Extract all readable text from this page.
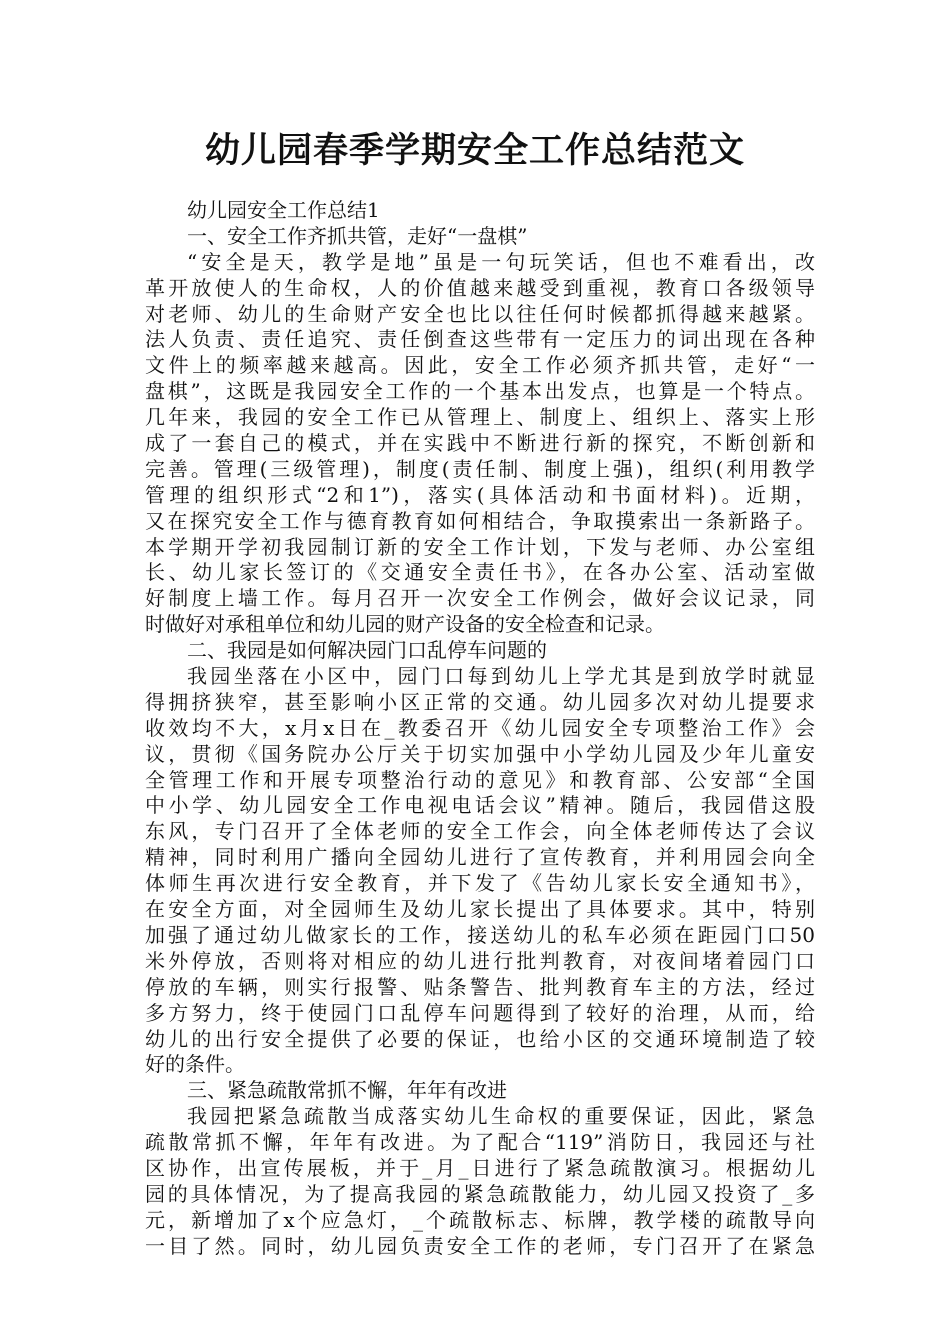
幼儿园春季学期安全工作总结范文
幼儿园安全工作总结1
一、安全工作齐抓共管，走好“一盘棋”
“安全是天，教学是地”虽是一句玩笑话，但也不难看出，改
革开放使人的生命权，人的价值越来越受到重视，教育口各级领导
对老师、幼儿的生命财产安全也比以往任何时候都抓得越来越紧。
法人负责、责任追究、责任倒查这些带有一定压力的词出现在各种
文件上的频率越来越高。因此，安全工作必须齐抓共管，走好“一
盘棋”，这既是我园安全工作的一个基本出发点，也算是一个特点。
几年来，我园的安全工作已从管理上、制度上、组织上、落实上形
成了一套自己的模式，并在实践中不断进行新的探究，不断创新和
完善。管理(三级管理)，制度(责任制、制度上强)，组织(利用教学
管理的组织形式“2和1”)，落实(具体活动和书面材料)。近期，
又在探究安全工作与德育教育如何相结合，争取摸索出一条新路子。
本学期开学初我园制订新的安全工作计划，下发与老师、办公室组
长、幼儿家长签订的《交通安全责任书》，在各办公室、活动室做
好制度上墙工作。每月召开一次安全工作例会，做好会议记录，同
时做好对承租单位和幼儿园的财产设备的安全检查和记录。
二、我园是如何解决园门口乱停车问题的
我园坐落在小区中，园门口每到幼儿上学尤其是到放学时就显
得拥挤狭窄，甚至影响小区正常的交通。幼儿园多次对幼儿提要求
收效均不大，x月x日在_教委召开《幼儿园安全专项整治工作》会
议，贯彻《国务院办公厅关于切实加强中小学幼儿园及少年儿童安
全管理工作和开展专项整治行动的意见》和教育部、公安部“全国
中小学、幼儿园安全工作电视电话会议”精神。随后，我园借这股
东风，专门召开了全体老师的安全工作会，向全体老师传达了会议
精神，同时利用广播向全园幼儿进行了宣传教育，并利用园会向全
体师生再次进行安全教育，并下发了《告幼儿家长安全通知书》，
在安全方面，对全园师生及幼儿家长提出了具体要求。其中，特别
加强了通过幼儿做家长的工作，接送幼儿的私车必须在距园门口50
米外停放，否则将对相应的幼儿进行批判教育，对夜间堵着园门口
停放的车辆，则实行报警、贴条警告、批判教育车主的方法，经过
多方努力，终于使园门口乱停车问题得到了较好的治理，从而，给
幼儿的出行安全提供了必要的保证，也给小区的交通环境制造了较
好的条件。
三、紧急疏散常抓不懈，年年有改进
我园把紧急疏散当成落实幼儿生命权的重要保证，因此，紧急
疏散常抓不懈，年年有改进。为了配合“119”消防日，我园还与社
区协作，出宣传展板，并于_月_日进行了紧急疏散演习。根据幼儿
园的具体情况，为了提高我园的紧急疏散能力，幼儿园又投资了_多
元，新增加了x个应急灯，_个疏散标志、标牌，教学楼的疏散导向
一目了然。同时，幼儿园负责安全工作的老师，专门召开了在紧急
